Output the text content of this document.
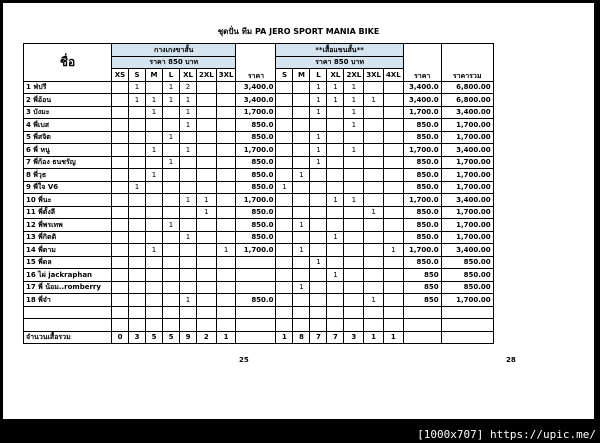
ชุดปั่น ทีม PA JERO SPORT MANIA BIKE
ชื่อ	กางเกงขาสั้น							ราคา	**เสื้อแขนสั้น**							ราคา	ราคารวม
	ราคา 850 บาท								ราคา 850 บาท								
	XS	S	M	L	XL	2XL	3XL		S	M	L	XL	2XL	3XL	4XL		
1 ฟ่ปรี		1		1	2			3,400.0			1	1	1			3,400.0	6,800.00
2 พี่อ้อน		1	1	1	1			3,400.0			1	1	1	1		3,400.0	6,800.00
3 บังมะ			1		1			1,700.0			1		1			1,700.0	3,400.00
4 พี่เบส					1			850.0					1			850.0	1,700.00
5 พี่สจิต				1				850.0			1					850.0	1,700.00
6 พี่ หนู			1		1			1,700.0			1		1			1,700.0	3,400.00
7 พี่ก้อง ธนชรัญ				1				850.0			1					850.0	1,700.00
8 พี่วุธ			1					850.0		1						850.0	1,700.00
9 พี่ใจ V6		1						850.0	1							850.0	1,700.00
10 พี่นะ					1	1		1,700.0				1	1			1,700.0	3,400.00
11 พี่ตั้งลี						1		850.0						1		850.0	1,700.00
12 พี่พรเทพ				1				850.0		1						850.0	1,700.00
13 พี่กิตติ					1			850.0				1				850.0	1,700.00
14 พี่ตาม			1				1	1,700.0		1					1	1,700.0	3,400.00
15 พี่ดล											1					850.0	850.00
16 ไผ่ jackraphan												1				850	850.00
17 พี่ น้อม..romberry										1						850	850.00
18 พี่จ๋า					1			850.0						1		850	1,700.00

จำนวนเสื้อรวม	0	3	5	5	9	2	1		1	8	7	7	3	1	1		
25	28
[1000x707] https://upic.me/
